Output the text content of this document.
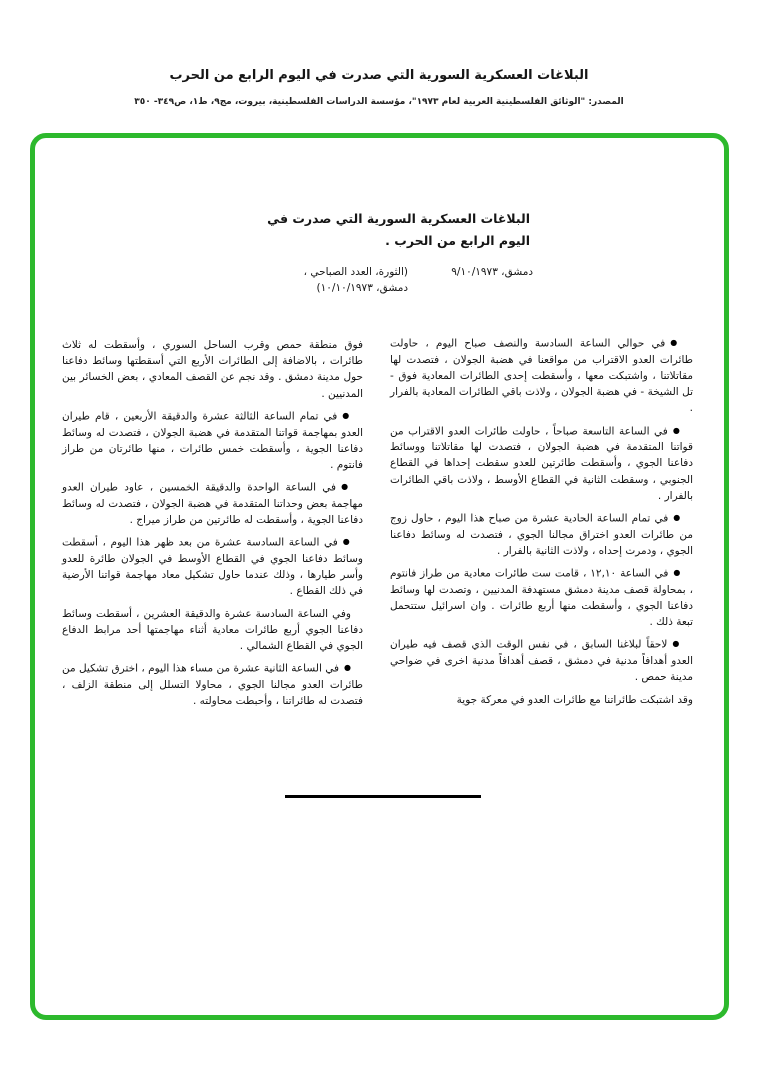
البلاغات العسكرية السورية التي صدرت في اليوم الرابع من الحرب
المصدر: "الوثائق الفلسطينية العربية لعام ١٩٧٣"، مؤسسة الدراسات الفلسطينية، بيروت، مج٩، ط١، ص٣٤٩- ٣٥٠
البلاغات العسكرية السورية التي صدرت في اليوم الرابع من الحرب .
دمشق، ٩/١٠/١٩٧٣
(الثورة، العدد الصباحي ،
دمشق، ١٠/١٠/١٩٧٣)

●في حوالي الساعة السادسة والنصف صباح اليوم ، حاولت طائرات العدو الاقتراب من مواقعنا في هضبة الجولان ، فتصدت لها مقاتلاتنا ، واشتبكت معها ، وأسقطت إحدى الطائرات المعادية فوق - تل الشيخة - في هضبة الجولان ، ولاذت باقي الطائرات المعادية بالفرار .

●في الساعة التاسعة صباحاً ، حاولت طائرات العدو الاقتراب من قواتنا المتقدمة في هضبة الجولان ، فتصدت لها مقاتلاتنا ووسائط دفاعنا الجوي ، وأسقطت طائرتين للعدو سقطت إحداها في القطاع الجنوبي ، وسقطت الثانية في القطاع الأوسط ، ولاذت باقي الطائرات بالفرار .

●في تمام الساعة الحادية عشرة من صباح هذا اليوم ، حاول زوج من طائرات العدو اختراق مجالنا الجوي ، فتصدت له وسائط دفاعنا الجوي ، ودمرت إحداه ، ولاذت الثانية بالفرار .

●في الساعة ١٢,١٠ ، قامت ست طائرات معادية من طراز فانتوم ، بمحاولة قصف مدينة دمشق مستهدفة المدنيين ، وتصدت لها وسائط دفاعنا الجوي ، وأسقطت منها أربع طائرات . وان اسرائيل ستتحمل تبعة ذلك .

●لاحقاً لبلاغنا السابق ، في نفس الوقت الذي قصف فيه طيران العدو أهدافاً مدنية في دمشق ، قصف أهدافاً مدنية اخرى في ضواحي مدينة حمص .

وقد اشتبكت طائراتنا مع طائرات العدو في معركة جوية

فوق منطقة حمص وقرب الساحل السوري ، وأسقطت له ثلاث طائرات ، بالاضافة إلى الطائرات الأربع التي أسقطتها وسائط دفاعنا حول مدينة دمشق . وقد نجم عن القصف المعادي ، بعض الخسائر بين المدنيين .

●في تمام الساعة الثالثة عشرة والدقيقة الأربعين ، قام طيران العدو بمهاجمة قواتنا المتقدمة في هضبة الجولان ، فتصدت له وسائط دفاعنا الجوية ، وأسقطت خمس طائرات ، منها طائرتان من طراز فانتوم .

●في الساعة الواحدة والدقيقة الخمسين ، عاود طيران العدو مهاجمة بعض وحداتنا المتقدمة في هضبة الجولان ، فتصدت له وسائط دفاعنا الجوية ، وأسقطت له طائرتين من طراز ميراج .

●في الساعة السادسة عشرة من بعد ظهر هذا اليوم ، أسقطت وسائط دفاعنا الجوي في القطاع الأوسط في الجولان طائرة للعدو وأسر طيارها ، وذلك عندما حاول تشكيل معاد مهاجمة قواتنا الأرضية في ذلك القطاع .

وفي الساعة السادسة عشرة والدقيقة العشرين ، أسقطت وسائط دفاعنا الجوي أربع طائرات معادية أثناء مهاجمتها أحد مرابط الدفاع الجوي في القطاع الشمالي .

●في الساعة الثانية عشرة من مساء هذا اليوم ، اخترق تشكيل من طائرات العدو مجالنا الجوي ، محاولا التسلل إلى منطقة الزلف ، فتصدت له طائراتنا ، وأحبطت محاولته .
